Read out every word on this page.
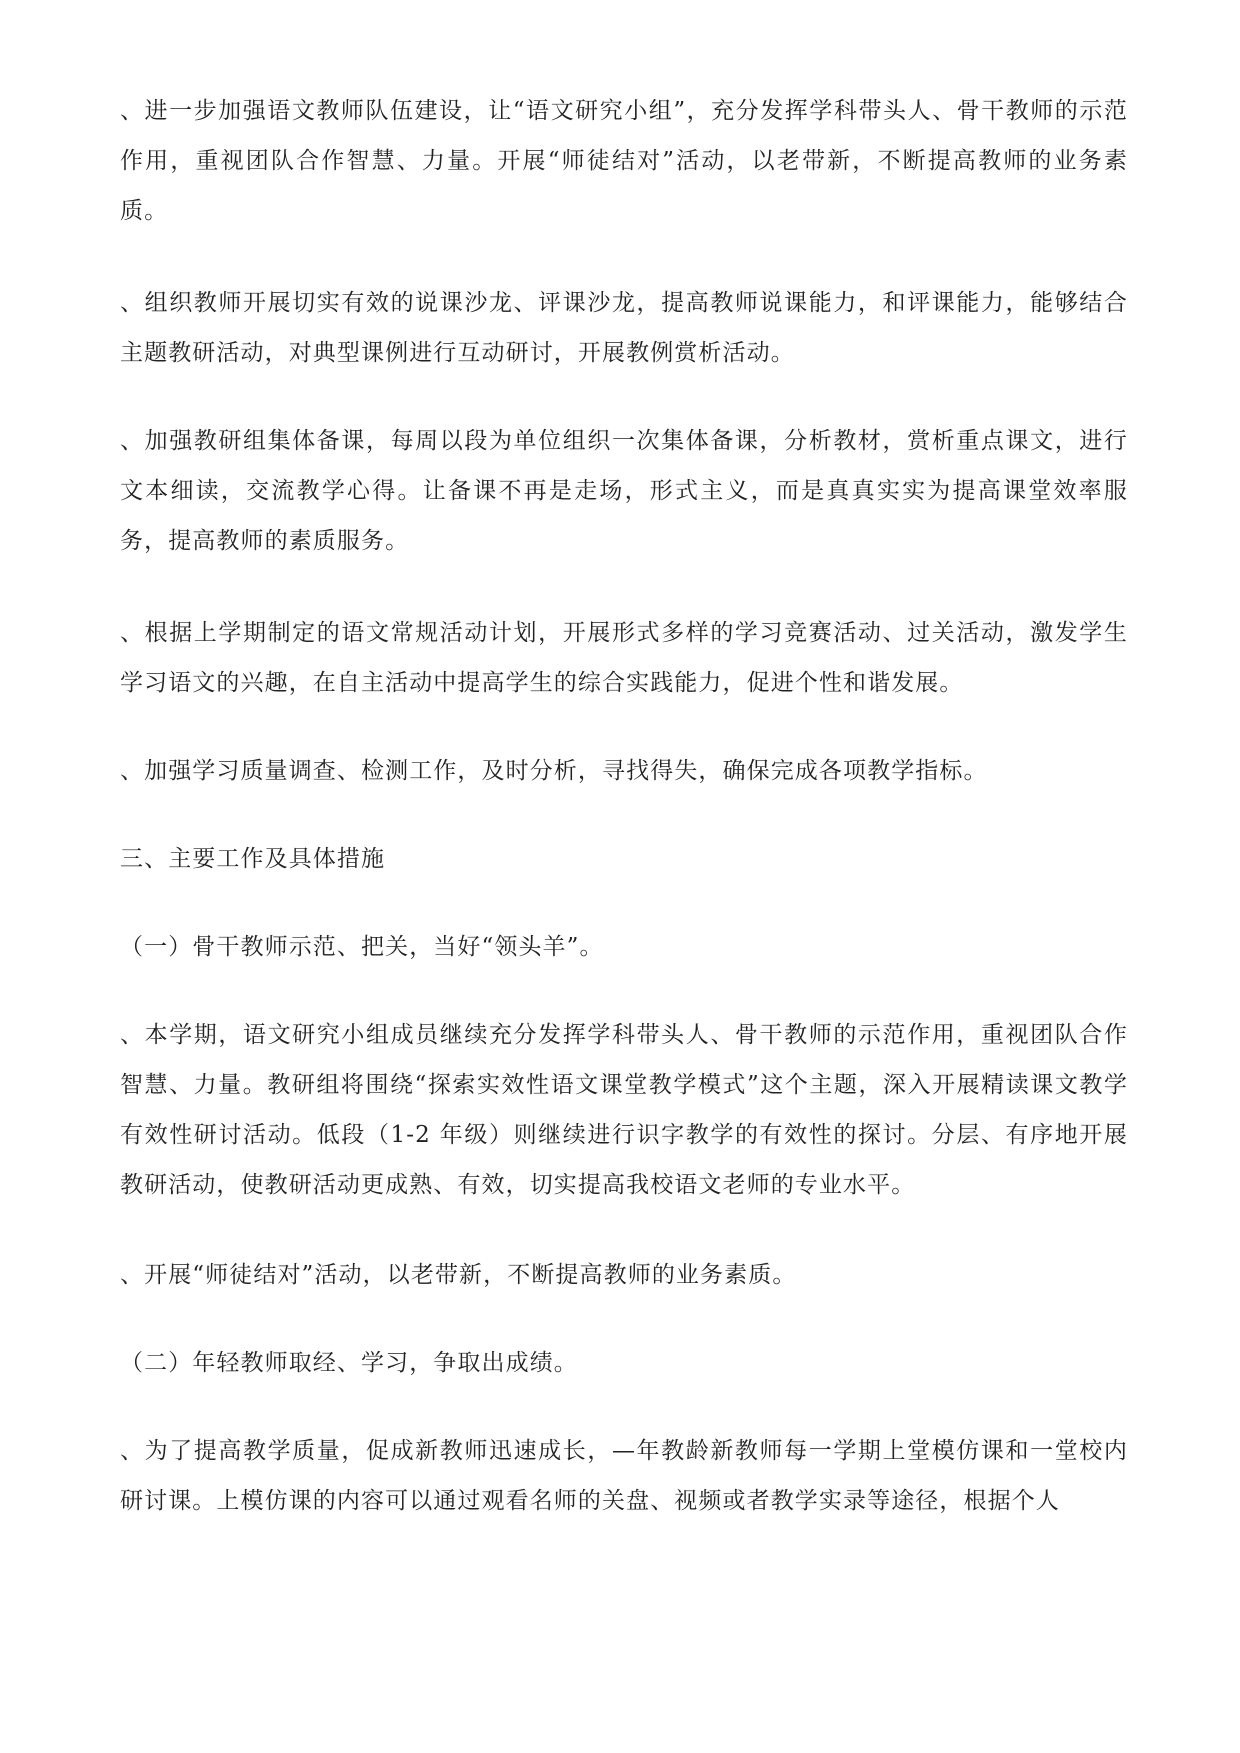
、进一步加强语文教师队伍建设，让“语文研究小组”，充分发挥学科带头人、骨干教师的示范作用，重视团队合作智慧、力量。开展“师徒结对”活动，以老带新，不断提高教师的业务素质。

、组织教师开展切实有效的说课沙龙、评课沙龙，提高教师说课能力，和评课能力，能够结合主题教研活动，对典型课例进行互动研讨，开展教例赏析活动。

、加强教研组集体备课，每周以段为单位组织一次集体备课，分析教材，赏析重点课文，进行文本细读，交流教学心得。让备课不再是走场，形式主义，而是真真实实为提高课堂效率服务，提高教师的素质服务。

、根据上学期制定的语文常规活动计划，开展形式多样的学习竞赛活动、过关活动，激发学生学习语文的兴趣，在自主活动中提高学生的综合实践能力，促进个性和谐发展。

、加强学习质量调查、检测工作，及时分析，寻找得失，确保完成各项教学指标。

三、主要工作及具体措施

（一）骨干教师示范、把关，当好“领头羊”。

、本学期，语文研究小组成员继续充分发挥学科带头人、骨干教师的示范作用，重视团队合作智慧、力量。教研组将围绕“探索实效性语文课堂教学模式”这个主题，深入开展精读课文教学有效性研讨活动。低段（1-2 年级）则继续进行识字教学的有效性的探讨。分层、有序地开展教研活动，使教研活动更成熟、有效，切实提高我校语文老师的专业水平。

、开展“师徒结对”活动，以老带新，不断提高教师的业务素质。

（二）年轻教师取经、学习，争取出成绩。

、为了提高教学质量，促成新教师迅速成长，—年教龄新教师每一学期上堂模仿课和一堂校内研讨课。上模仿课的内容可以通过观看名师的关盘、视频或者教学实录等途径，根据个人
